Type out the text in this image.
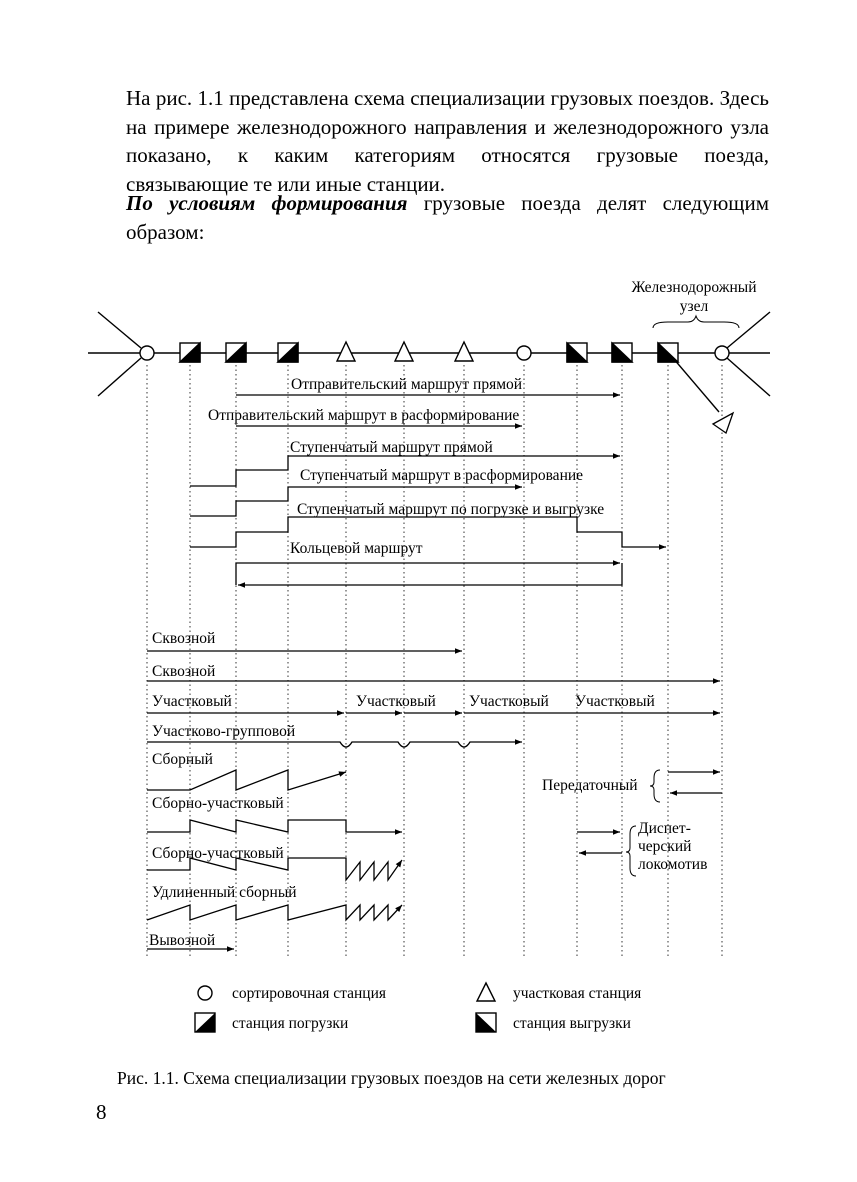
На рис. 1.1 представлена схема специализации грузовых поездов. Здесь на примере железнодорожного направления и железнодорожного узла показано, к каким категориям относятся грузовые поезда, связывающие те или иные станции.

По условиям формирования грузовые поезда делят следующим образом:

Железнодорожный
узел
Отправительский маршрут прямой
Отправительский маршрут в расформирование
Ступенчатый маршрут прямой
Ступенчатый маршрут в расформирование
Ступенчатый маршрут по погрузке и выгрузке
Кольцевой маршрут
Сквозной
Сквозной
Участковый	Участковый Участковый Участковый
Участково-групповой
Сборный
Сборно-участковый
Сборно-участковый
Удлиненный сборный
Вывозной
Передаточный
Диспет-
черский
локомотив
сортировочная станция	участковая станция
станция погрузки	станция выгрузки

Рис. 1.1. Схема специализации грузовых поездов на сети железных дорог

8
